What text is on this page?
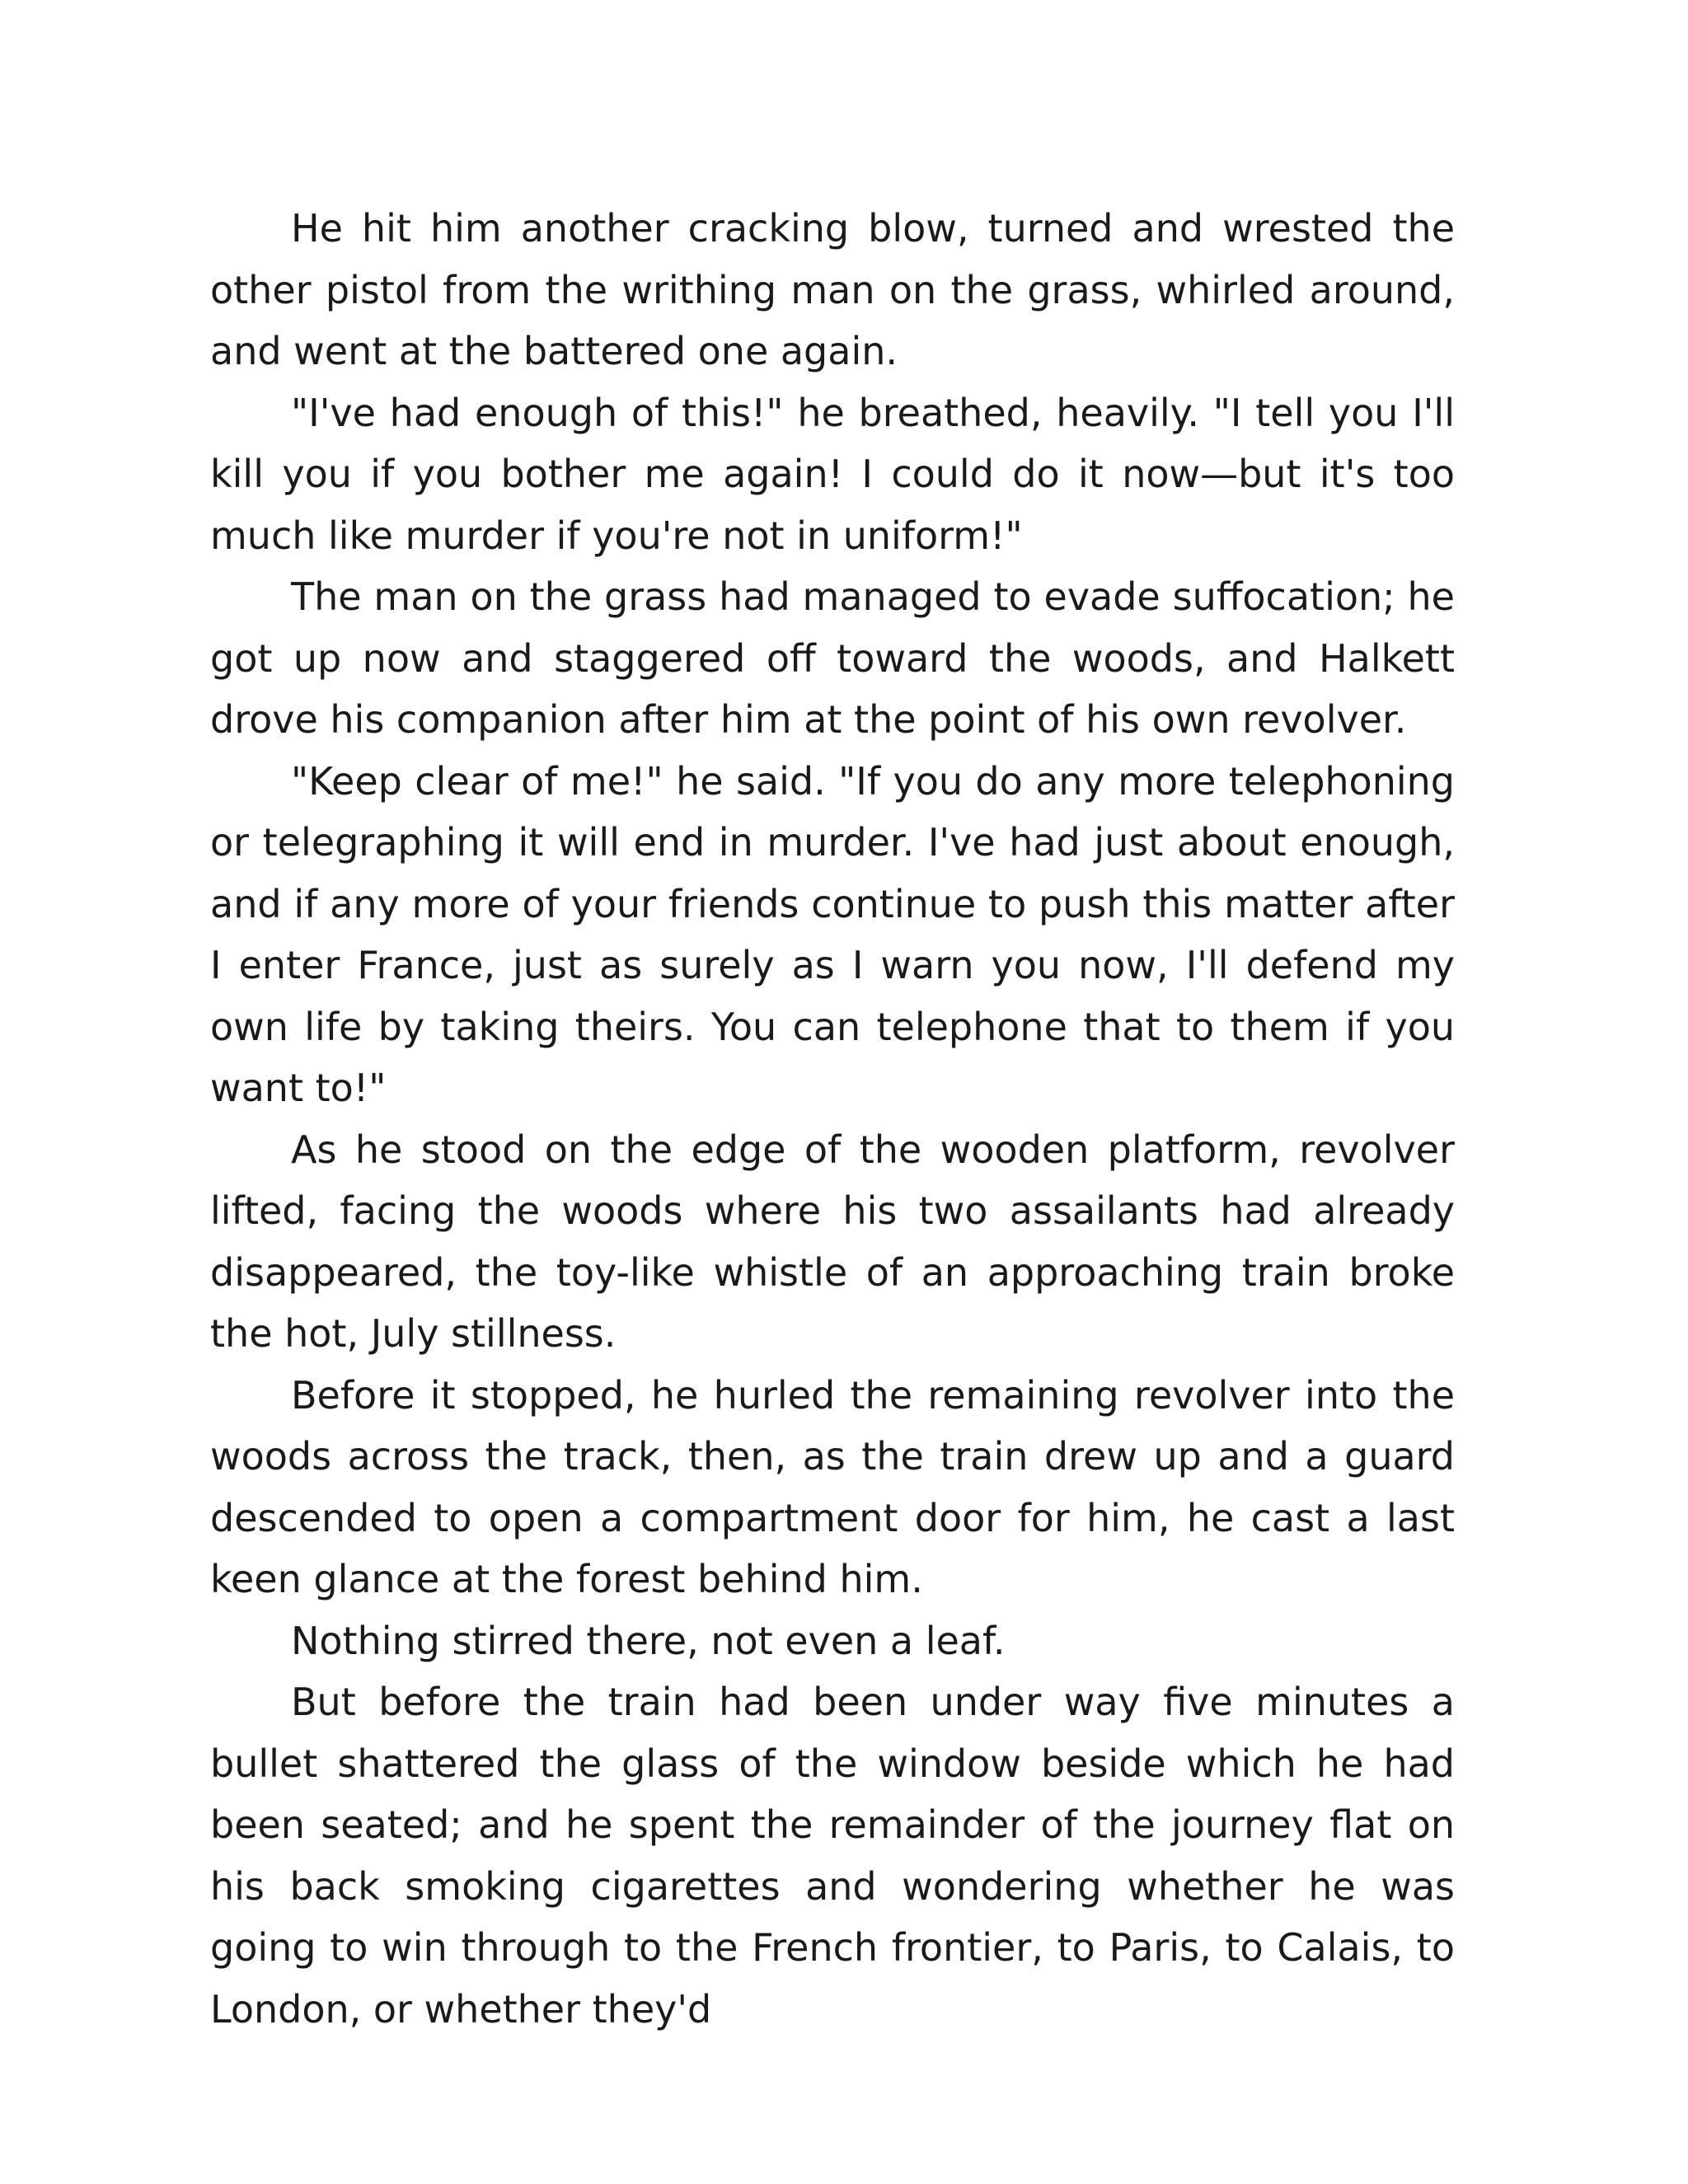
He hit him another cracking blow, turned and wrested the other pistol from the writhing man on the grass, whirled around, and went at the battered one again.

"I've had enough of this!" he breathed, heavily. "I tell you I'll kill you if you bother me again! I could do it now—but it's too much like murder if you're not in uniform!"

The man on the grass had managed to evade suffocation; he got up now and staggered off toward the woods, and Halkett drove his companion after him at the point of his own revolver.

"Keep clear of me!" he said. "If you do any more telephoning or telegraphing it will end in murder. I've had just about enough, and if any more of your friends continue to push this matter after I enter France, just as surely as I warn you now, I'll defend my own life by taking theirs. You can telephone that to them if you want to!"

As he stood on the edge of the wooden platform, revolver lifted, facing the woods where his two assailants had already disappeared, the toy-like whistle of an approaching train broke the hot, July stillness.

Before it stopped, he hurled the remaining revolver into the woods across the track, then, as the train drew up and a guard descended to open a compartment door for him, he cast a last keen glance at the forest behind him.

Nothing stirred there, not even a leaf.

But before the train had been under way five minutes a bullet shattered the glass of the window beside which he had been seated; and he spent the remainder of the journey flat on his back smoking cigarettes and wondering whether he was going to win through to the French frontier, to Paris, to Calais, to London, or whether they'd
